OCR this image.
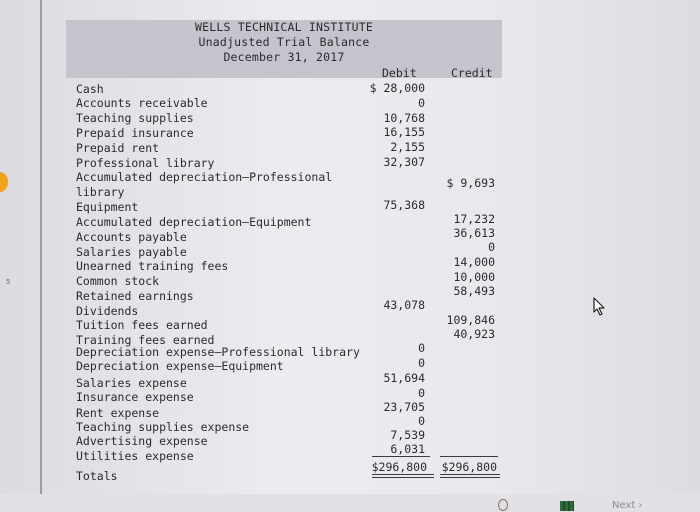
5
WELLS TECHNICAL INSTITUTE
Unadjusted Trial Balance
December 31, 2017
Debit	Credit
Cash
Accounts receivable
Teaching supplies
Prepaid insurance
Prepaid rent
Professional library
Accumulated depreciation—Professional
library
Equipment
Accumulated depreciation—Equipment
Accounts payable
Salaries payable
Unearned training fees
Common stock
Retained earnings
Dividends
Tuition fees earned
Training fees earned
Depreciation expense—Professional library
Depreciation expense—Equipment
Salaries expense
Insurance expense
Rent expense
Teaching supplies expense
Advertising expense
Utilities expense
Totals
$ 28,000
0
10,768
16,155
2,155
32,307
75,368
43,078
0
0
51,694
0
23,705
0
7,539
6,031
$296,800
$ 9,693
17,232
36,613
0
14,000
10,000
58,493
109,846
40,923
$296,800
Next ›
